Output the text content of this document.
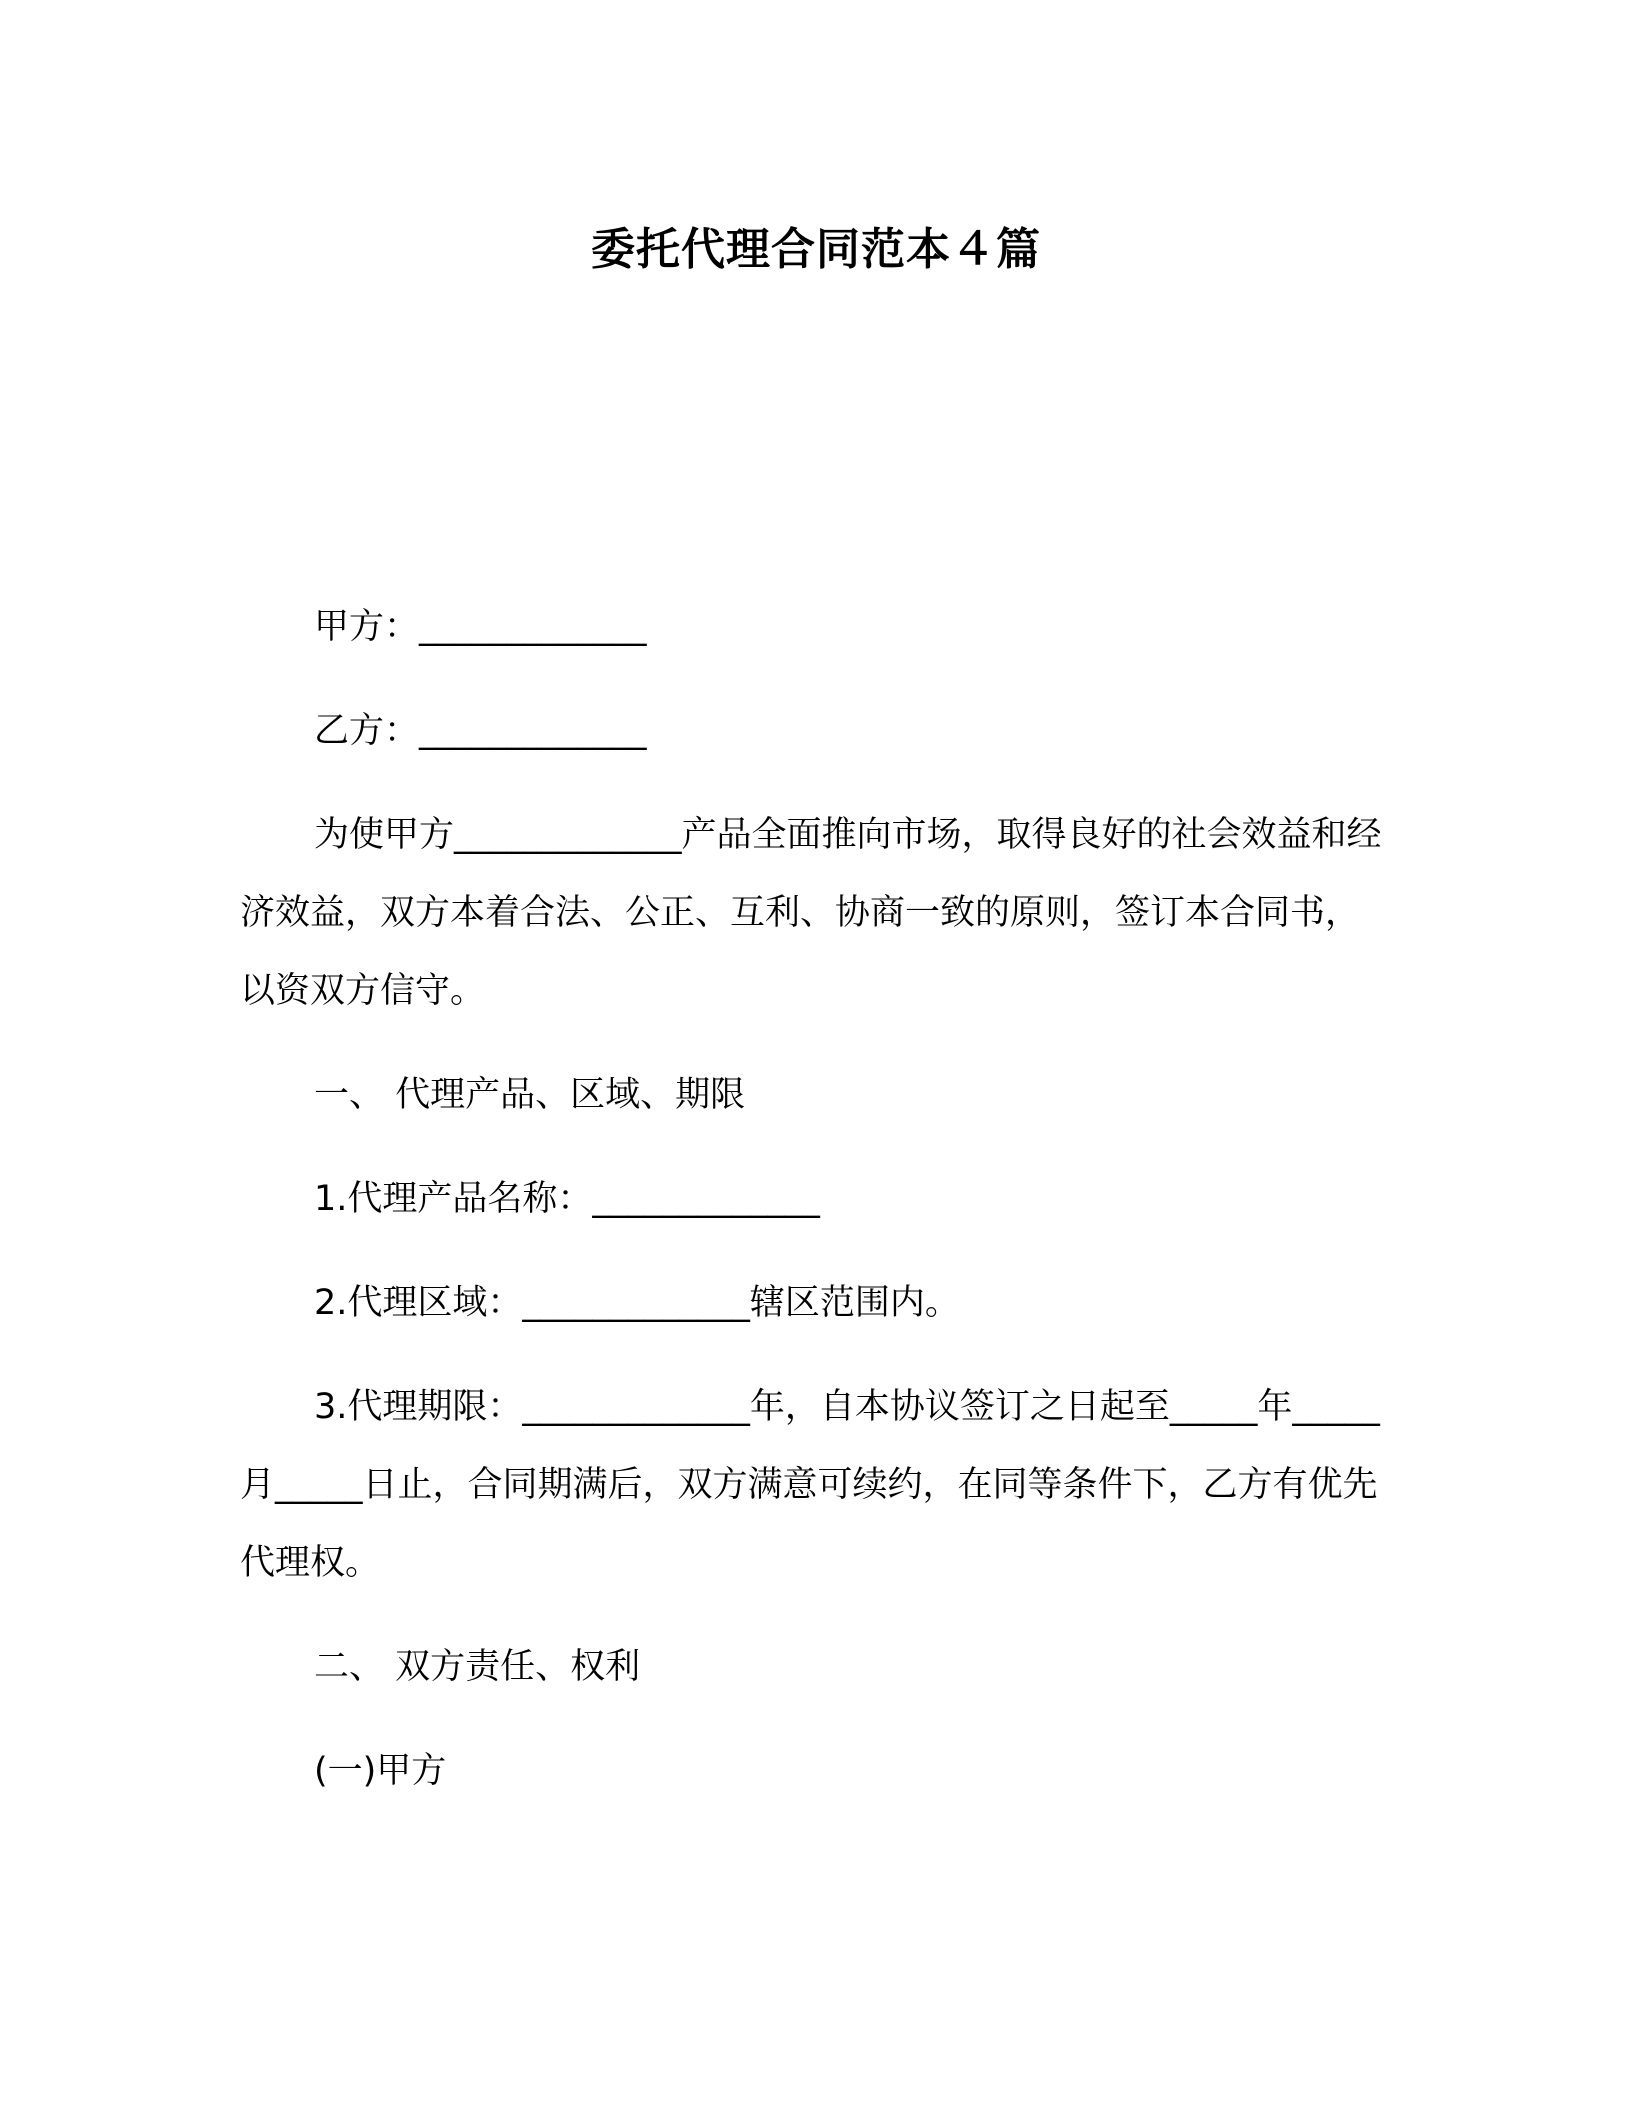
委托代理合同范本４篇

甲方：_____________

乙方：_____________

为使甲方_____________产品全面推向市场，取得良好的社会效益和经济效益，双方本着合法、公正、互利、协商一致的原则，签订本合同书，以资双方信守。

一、 代理产品、区域、期限

1.代理产品名称：_____________

2.代理区域：_____________辖区范围内。

3.代理期限：_____________年，自本协议签订之日起至_____年_____月_____日止，合同期满后，双方满意可续约，在同等条件下，乙方有优先代理权。

二、 双方责任、权利

(一)甲方
